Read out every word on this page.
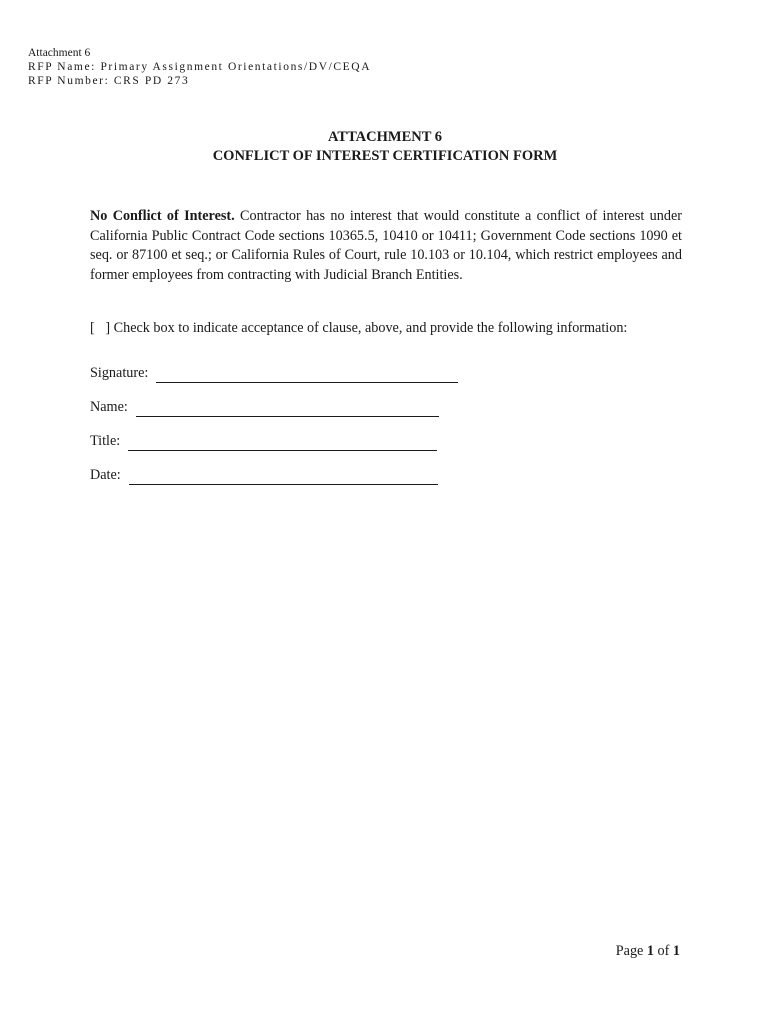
Attachment 6
RFP Name: Primary Assignment Orientations/DV/CEQA
RFP Number: CRS PD 273
ATTACHMENT 6
CONFLICT OF INTEREST CERTIFICATION FORM
No Conflict of Interest. Contractor has no interest that would constitute a conflict of interest under California Public Contract Code sections 10365.5, 10410 or 10411; Government Code sections 1090 et seq. or 87100 et seq.; or California Rules of Court, rule 10.103 or 10.104, which restrict employees and former employees from contracting with Judicial Branch Entities.
[   ] Check box to indicate acceptance of clause, above, and provide the following information:
Signature:
Name:
Title:
Date:
Page 1 of 1
